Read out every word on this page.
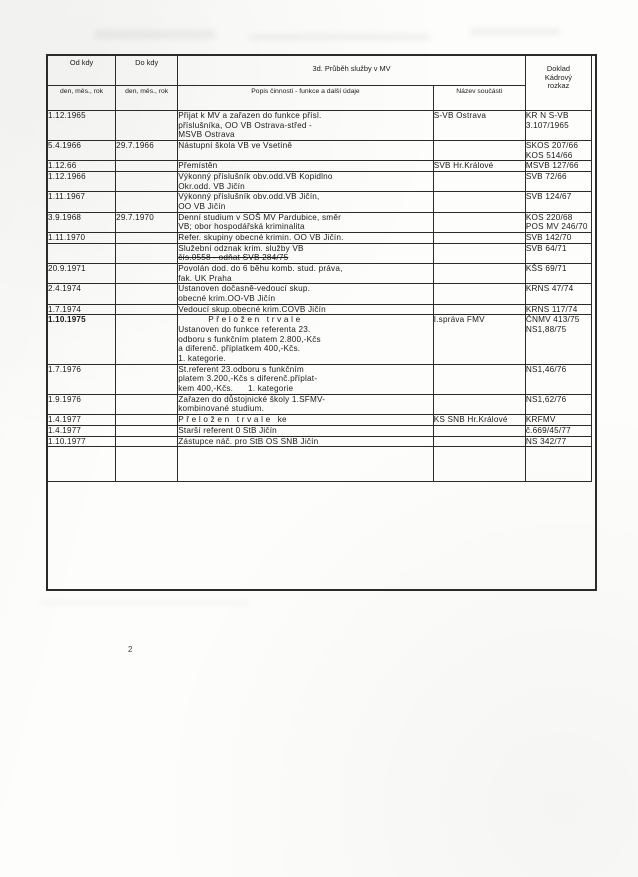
Od kdy	Do kdy	3d. Průběh služby v MV		Doklad
Kádrový
rozkaz

den, měs., rok	den, měs., rok	Popis činnosti - funkce a další údaje	Název součásti	
1.12.1965		Přijat k MV a zařazen do funkce přísl.
příslušníka, OO VB Ostrava-střed -
MSVB Ostrava	S-VB Ostrava	KR N S-VB
3.107/1965

5.4.1966	29.7.1966	Nástupní škola VB ve Vsetíně		SKOS 207/66
KOS 514/66

1.12.66		Přemístěn	SVB Hr.Králové	MSVB 127/66

1.12.1966		Výkonný příslušník obv.odd.VB Kopidlno
Okr.odd. VB Jičín		SVB 72/66

1.11.1967		Výkonný příslušník obv.odd.VB Jičín,
OO VB Jičín		SVB 124/67

3.9.1968	29.7.1970	Denní studium v SOŠ MV Pardubice, směr
VB; obor hospodářská kriminalita		KOS 220/68
POS MV 246/70

1.11.1970		Refer. skupiny obecné krimin. OO VB Jičín.		SVB 142/70

		Služební odznak krim. služby VB
čís.0558 - odňat SVB 284/75		SVB 64/71

20.9.1971		Povolán dod. do 6 běhu komb. stud. práva,
fak. UK Praha		KŠS 69/71

2.4.1974		Ustanoven dočasně-vedoucí skup.
obecné krim.OO-VB Jičín		KRNS 47/74

1.7.1974		Vedoucí skup.obecné krim.COVB Jičín		KRNS 117/74

1.10.1975		P ř e l o ž e n   t r v a l e
Ustanoven do funkce referenta 23.
odboru s funkčním platem 2.800,-Kčs
a diferenč. příplatkem 400,-Kčs.
1. kategorie.	I.správa FMV	ČNMV 413/75
NS1,88/75

1.7.1976		St.referent 23.odboru s funkčním
platem 3.200,-Kčs s diferenč.příplat-
kem 400,-Kčs.      1. kategorie		NS1,46/76

1.9.1976		Zařazen do důstojnické školy 1.SFMV-
kombinované studium.		NS1,62/76

1.4.1977		P ř e l o ž e n   t r v a l e   ke	KS SNB Hr.Králové	KRFMV

1.4.1977		Starší referent 0 StB Jičín		č.669/45/77

1.10.1977		Zástupce náč. pro StB OS SNB Jičín		NS 342/77

2
